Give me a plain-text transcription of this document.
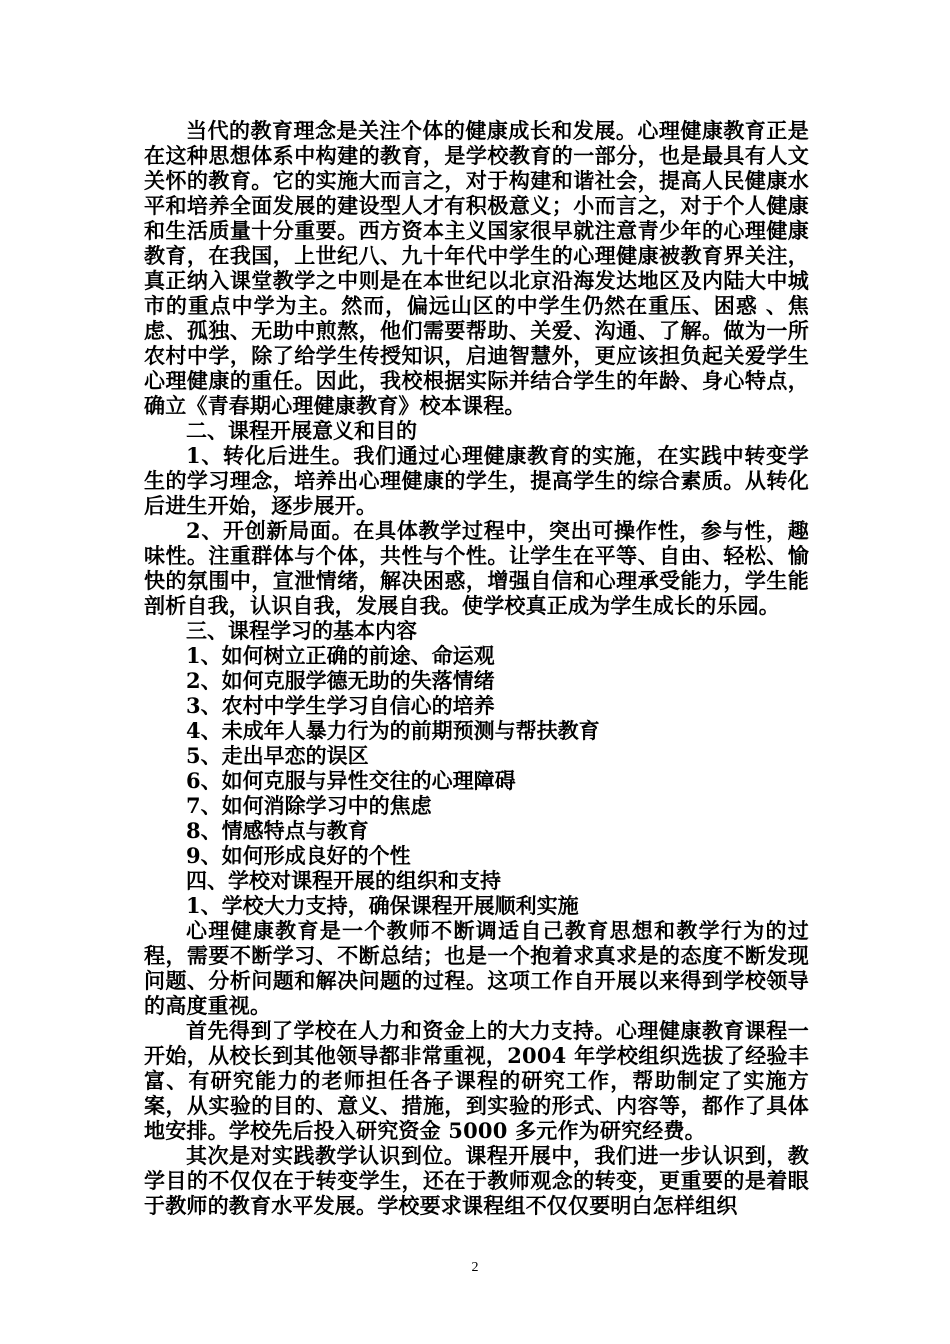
当代的教育理念是关注个体的健康成长和发展。心理健康教育正是在这种思想体系中构建的教育，是学校教育的一部分，也是最具有人文关怀的教育。它的实施大而言之，对于构建和谐社会，提高人民健康水平和培养全面发展的建设型人才有积极意义；小而言之，对于个人健康和生活质量十分重要。西方资本主义国家很早就注意青少年的心理健康教育，在我国，上世纪八、九十年代中学生的心理健康被教育界关注，真正纳入课堂教学之中则是在本世纪以北京沿海发达地区及内陆大中城市的重点中学为主。然而，偏远山区的中学生仍然在重压、困惑 、焦虑、孤独、无助中煎熬，他们需要帮助、关爱、沟通、了解。做为一所农村中学，除了给学生传授知识，启迪智慧外，更应该担负起关爱学生心理健康的重任。因此，我校根据实际并结合学生的年龄、身心特点，确立《青春期心理健康教育》校本课程。

二、课程开展意义和目的

1、转化后进生。我们通过心理健康教育的实施，在实践中转变学生的学习理念，培养出心理健康的学生，提高学生的综合素质。从转化后进生开始，逐步展开。

2、开创新局面。在具体教学过程中，突出可操作性，参与性，趣味性。注重群体与个体，共性与个性。让学生在平等、自由、轻松、愉快的氛围中，宣泄情绪，解决困惑，增强自信和心理承受能力，学生能剖析自我，认识自我，发展自我。使学校真正成为学生成长的乐园。

三、课程学习的基本内容

1、如何树立正确的前途、命运观

2、如何克服学德无助的失落情绪

3、农村中学生学习自信心的培养

4、未成年人暴力行为的前期预测与帮扶教育

5、走出早恋的误区

6、如何克服与异性交往的心理障碍

7、如何消除学习中的焦虑

8、情感特点与教育

9、如何形成良好的个性

四、学校对课程开展的组织和支持

1、学校大力支持，确保课程开展顺利实施

心理健康教育是一个教师不断调适自己教育思想和教学行为的过程，需要不断学习、不断总结；也是一个抱着求真求是的态度不断发现问题、分析问题和解决问题的过程。这项工作自开展以来得到学校领导的高度重视。

首先得到了学校在人力和资金上的大力支持。心理健康教育课程一开始，从校长到其他领导都非常重视，2004 年学校组织选拔了经验丰富、有研究能力的老师担任各子课程的研究工作，帮助制定了实施方案，从实验的目的、意义、措施，到实验的形式、内容等，都作了具体地安排。学校先后投入研究资金 5000 多元作为研究经费。

其次是对实践教学认识到位。课程开展中，我们进一步认识到，教学目的不仅仅在于转变学生，还在于教师观念的转变，更重要的是着眼于教师的教育水平发展。学校要求课程组不仅仅要明白怎样组织

2
